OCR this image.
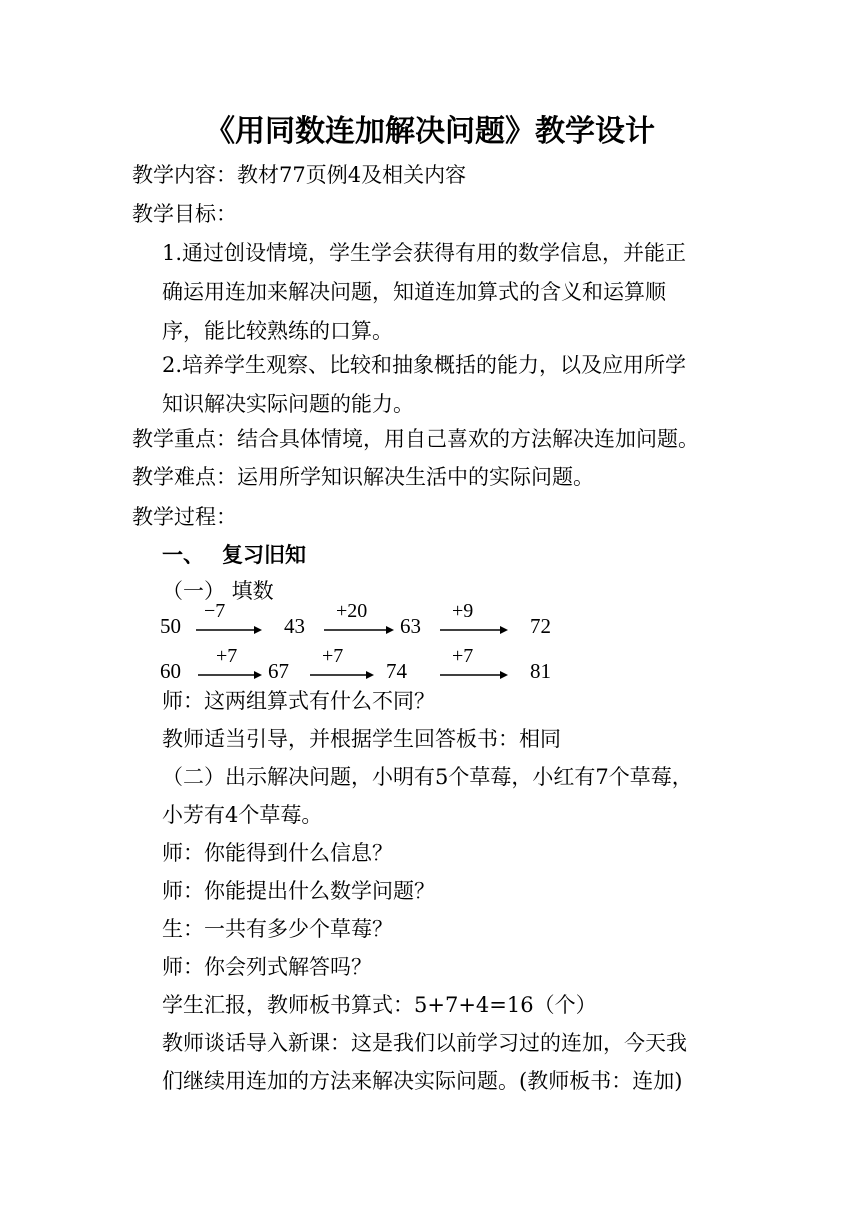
《用同数连加解决问题》教学设计
教学内容：教材77页例4及相关内容
教学目标：
1.通过创设情境，学生学会获得有用的数学信息，并能正
确运用连加来解决问题，知道连加算式的含义和运算顺
序，能比较熟练的口算。
2.培养学生观察、比较和抽象概括的能力，以及应用所学
知识解决实际问题的能力。
教学重点：结合具体情境，用自己喜欢的方法解决连加问题。
教学难点：运用所学知识解决生活中的实际问题。
教学过程：
一、 复习旧知
（一） 填数
50
−7
43
+20
63
+9
72
60
+7
67
+7
74
+7
81
师：这两组算式有什么不同？
教师适当引导，并根据学生回答板书：相同
（二）出示解决问题，小明有5个草莓，小红有7个草莓，
小芳有4个草莓。
师：你能得到什么信息？
师：你能提出什么数学问题？
生：一共有多少个草莓？
师：你会列式解答吗？
学生汇报，教师板书算式：5+7+4=16（个）
教师谈话导入新课：这是我们以前学习过的连加，今天我
们继续用连加的方法来解决实际问题。(教师板书：连加)
